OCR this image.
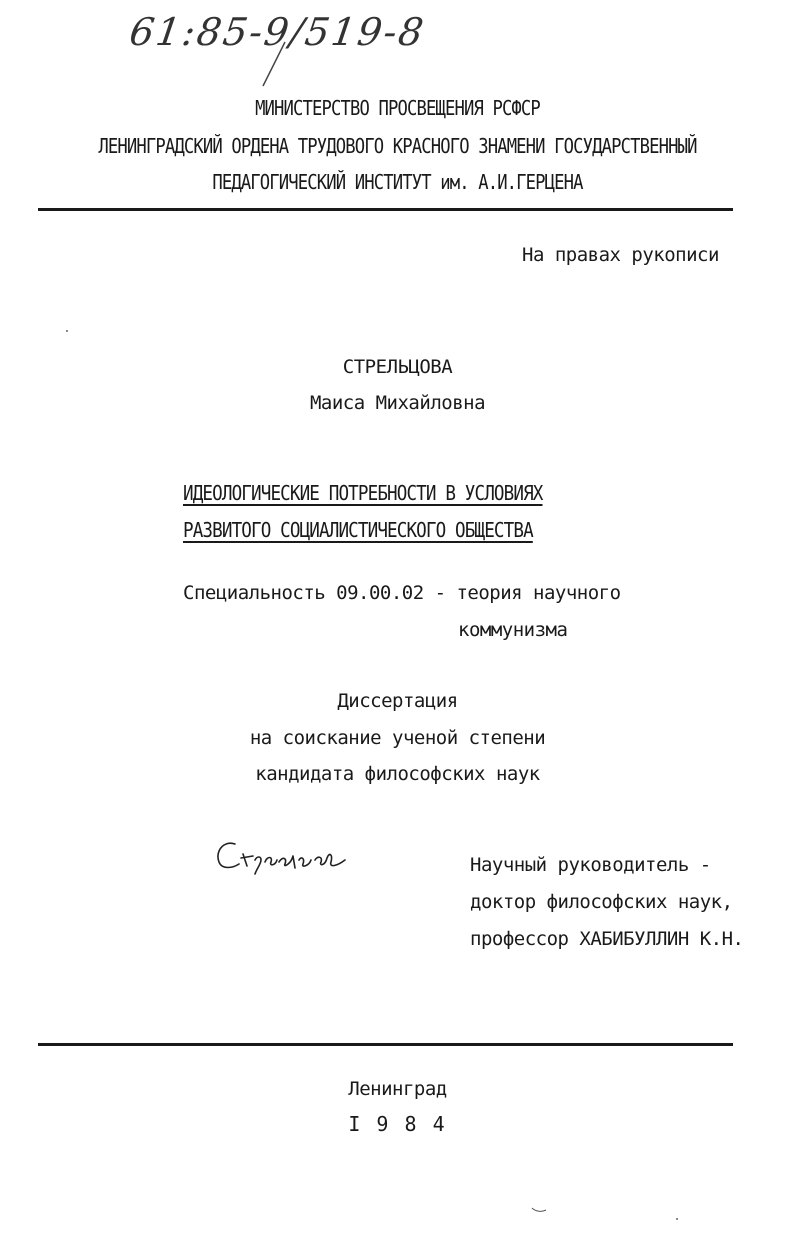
61:85-9/519-8
МИНИСТЕРСТВО ПРОСВЕЩЕНИЯ РСФСР
ЛЕНИНГРАДСКИЙ ОРДЕНА ТРУДОВОГО КРАСНОГО ЗНАМЕНИ ГОСУДАРСТВЕННЫЙ
ПЕДАГОГИЧЕСКИЙ ИНСТИТУТ им. А.И.ГЕРЦЕНА
На правах рукописи
СТРЕЛЬЦОВА
Маиса Михайловна
ИДЕОЛОГИЧЕСКИЕ ПОТРЕБНОСТИ В УСЛОВИЯХ
РАЗВИТОГО СОЦИАЛИСТИЧЕСКОГО ОБЩЕСТВА
Специальность 09.00.02 - теория научного
коммунизма
Диссертация
на соискание ученой степени
кандидата философских наук
Научный руководитель -
доктор философских наук,
профессор ХАБИБУЛЛИН К.Н.
Ленинград
I 9 8 4
